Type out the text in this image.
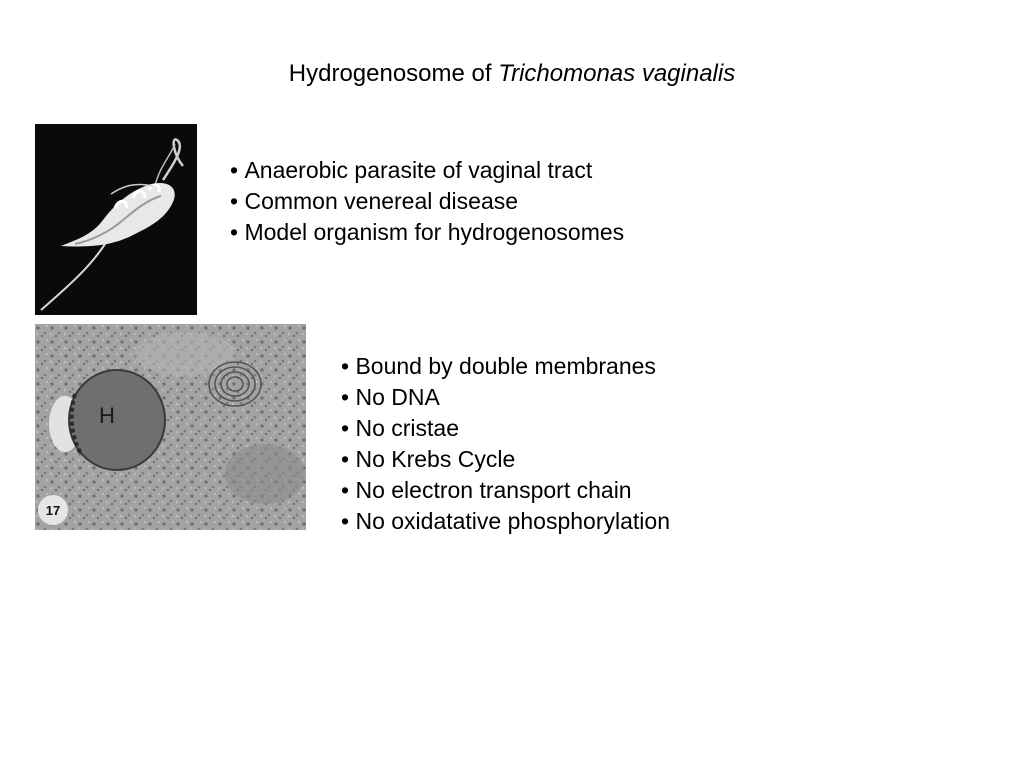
Hydrogenosome of Trichomonas vaginalis
• Anaerobic parasite of vaginal tract
• Common venereal disease
• Model organism for hydrogenosomes
H
17
• Bound by double membranes
• No DNA
• No cristae
• No Krebs Cycle
• No electron transport chain
• No oxidatative phosphorylation
